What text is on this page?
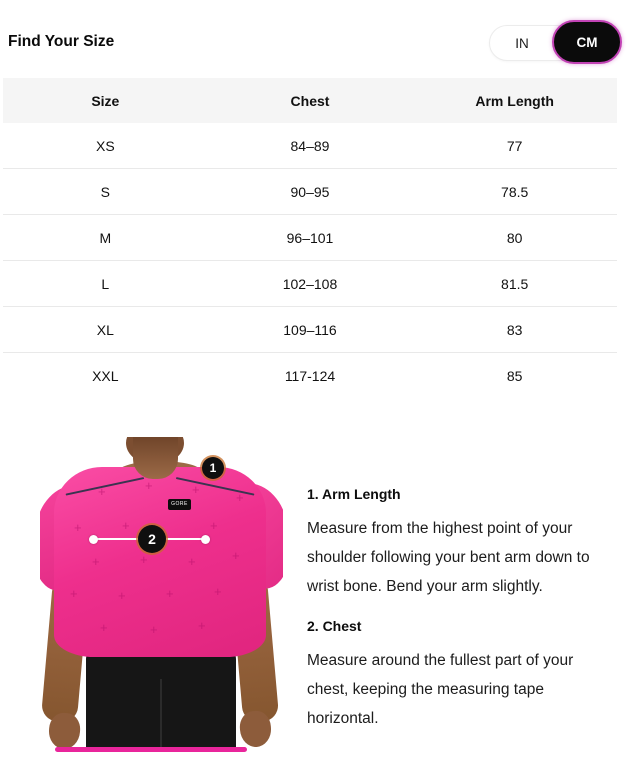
Find Your Size	IN	CM
Size	Chest	Arm Length
XS	84–89	77
S	90–95	78.5
M	96–101	80
L	102–108	81.5
XL	109–116	83
XXL	117-124	85
+
+
+
+
+
+
+
+
+
+
+
+
+
+
+
+
+
+
GORE
1
2
1. Arm Length

Measure from the highest point of your shoulder following your bent arm down to wrist bone. Bend your arm slightly.

2. Chest

Measure around the fullest part of your chest, keeping the measuring tape horizontal.
